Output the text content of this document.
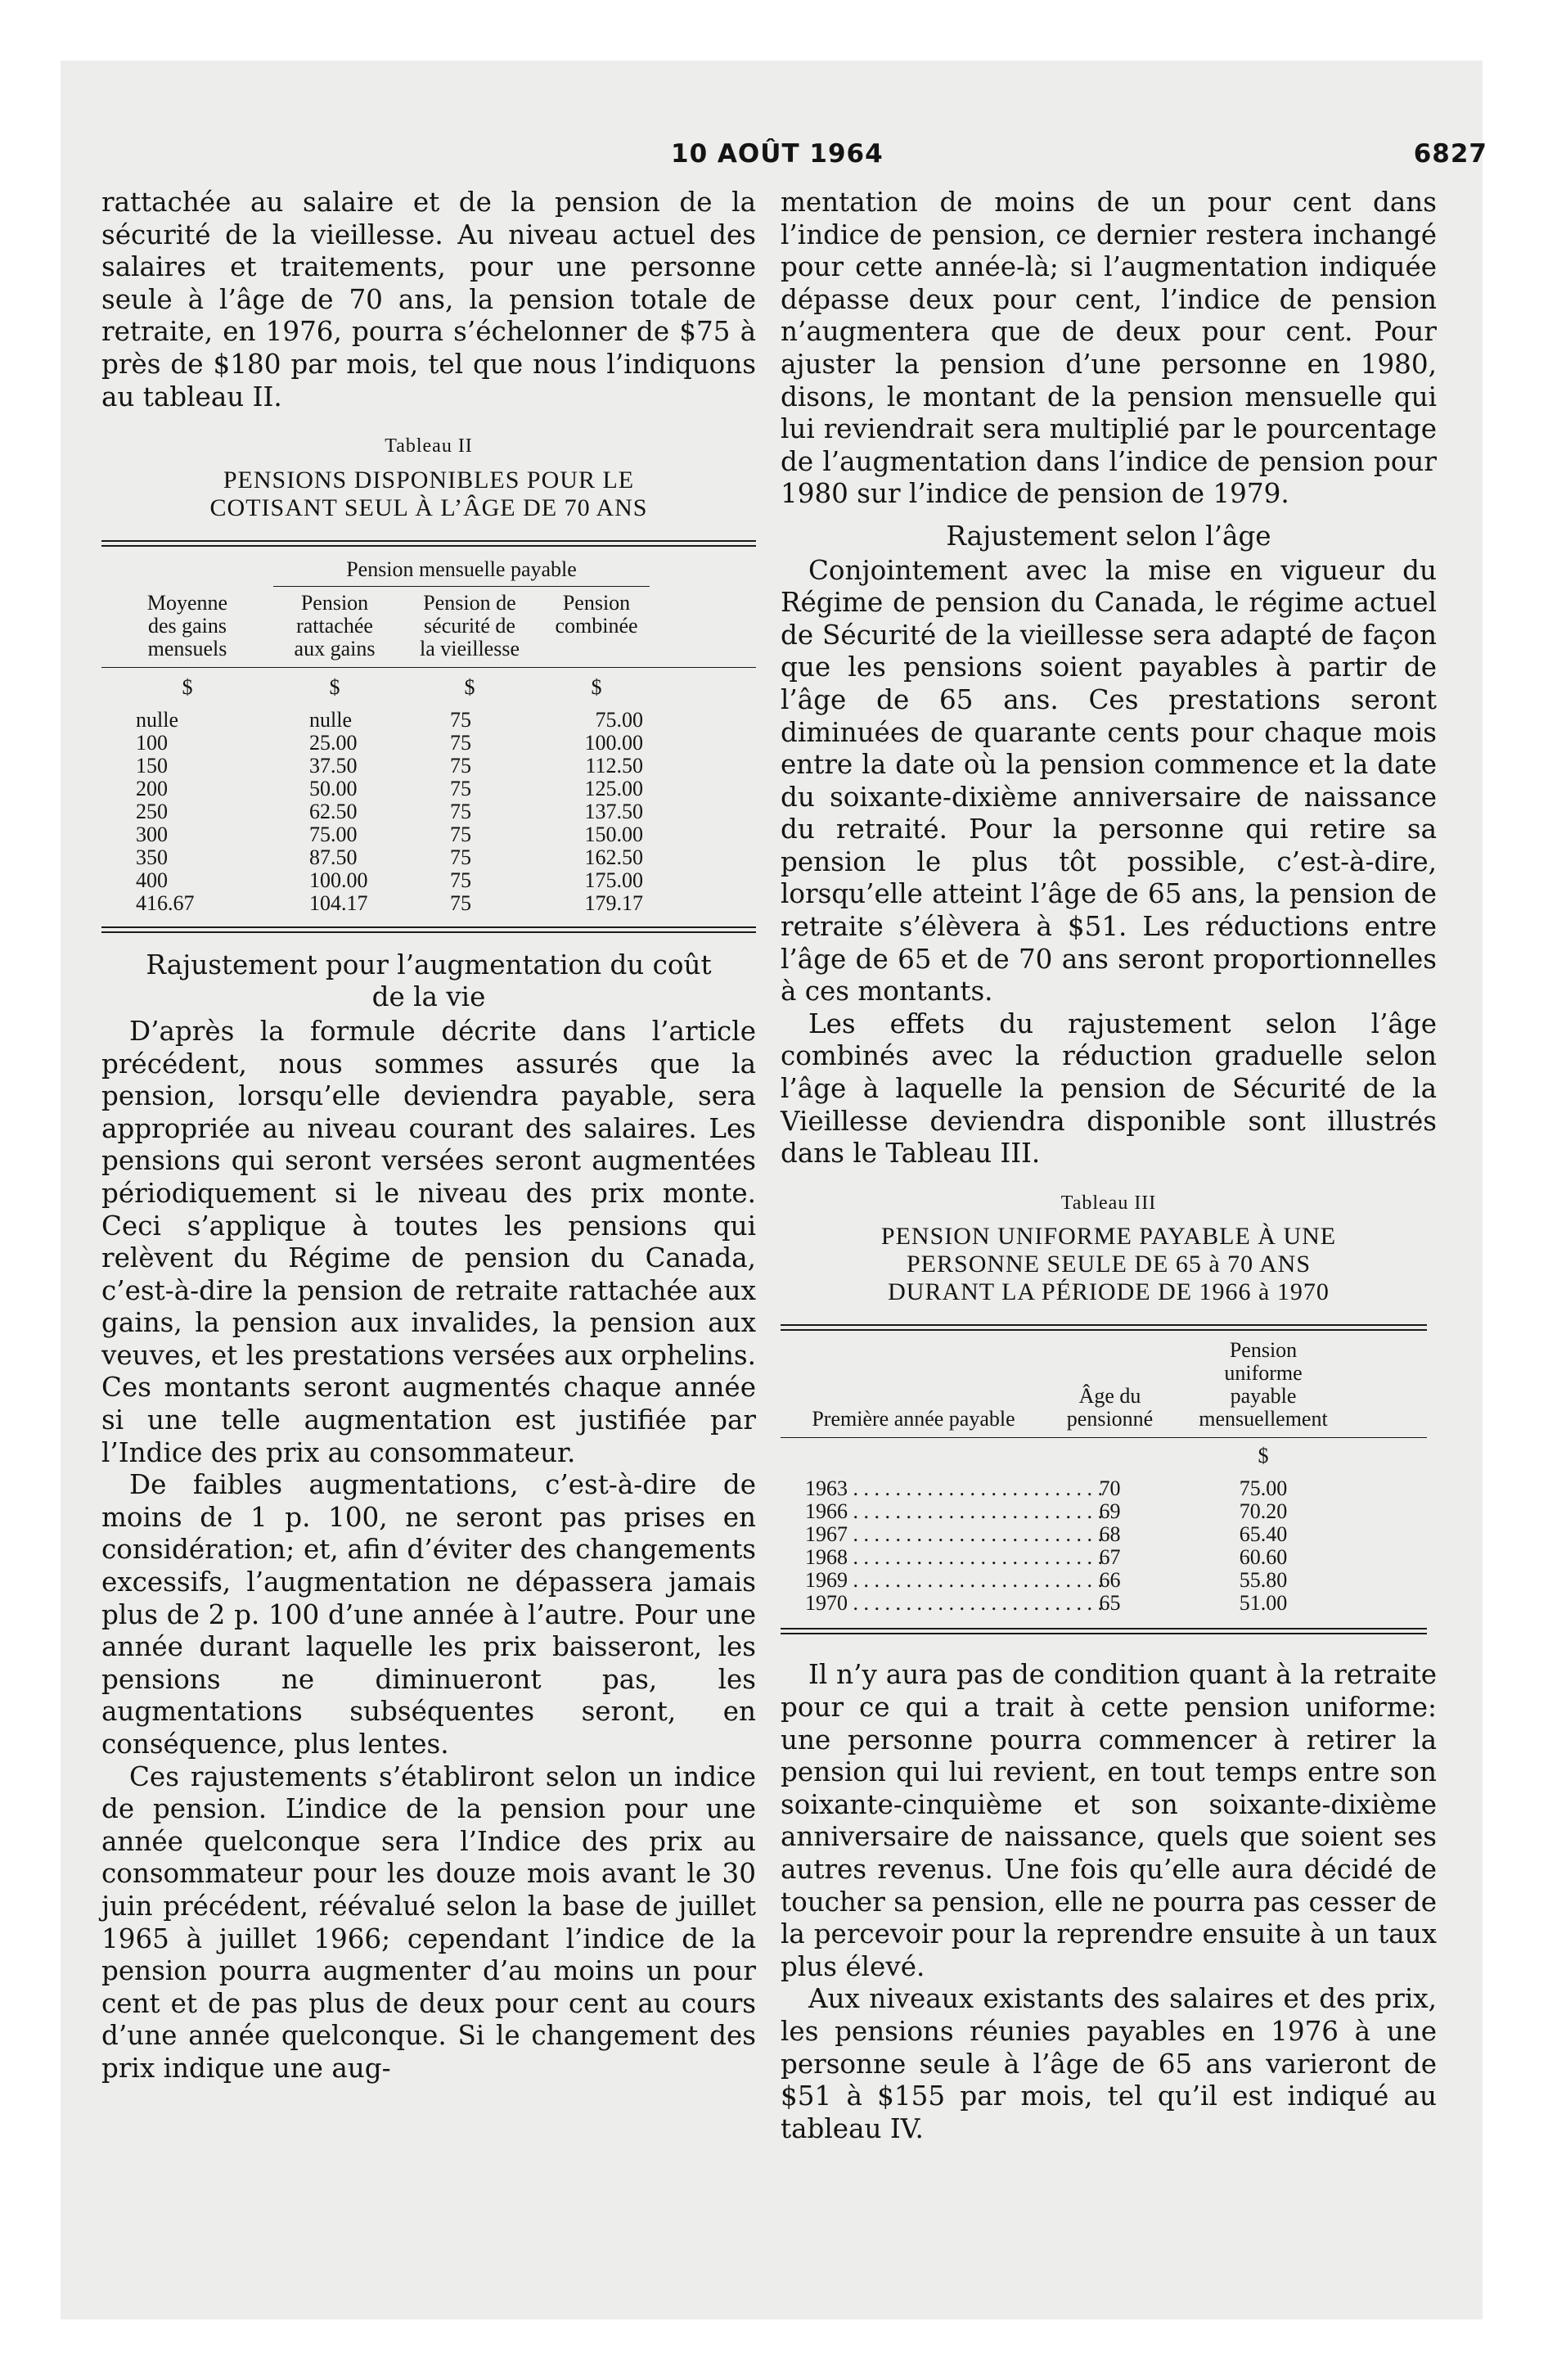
10 AOÛT 1964	6827

rattachée au salaire et de la pension de la sécurité de la vieillesse. Au niveau actuel des salaires et traitements, pour une personne seule à l’âge de 70 ans, la pension totale de retraite, en 1976, pourra s’échelonner de $75 à près de $180 par mois, tel que nous l’indiquons au tableau II.

Tableau II
PENSIONS DISPONIBLES POUR LE
COTISANT SEUL À L’ÂGE DE 70 ANS
Pension mensuelle payable
Moyenne
des gains
mensuels
Pension
rattachée
aux gains
Pension de
sécurité de
la vieillesse
Pension
combinée
$	$	$	$
nulle	nulle	75	75.00
100	25.00	75	100.00
150	37.50	75	112.50
200	50.00	75	125.00
250	62.50	75	137.50
300	75.00	75	150.00
350	87.50	75	162.50
400	100.00	75	175.00
416.67	104.17	75	179.17
Rajustement pour l’augmentation du coût
de la vie

D’après la formule décrite dans l’article précédent, nous sommes assurés que la pension, lorsqu’elle deviendra payable, sera appropriée au niveau courant des salaires. Les pensions qui seront versées seront augmentées périodiquement si le niveau des prix monte. Ceci s’applique à toutes les pensions qui relèvent du Régime de pension du Canada, c’est-à-dire la pension de retraite rattachée aux gains, la pension aux invalides, la pension aux veuves, et les prestations versées aux orphelins. Ces montants seront augmentés chaque année si une telle augmentation est justifiée par l’Indice des prix au consommateur.

De faibles augmentations, c’est-à-dire de moins de 1 p. 100, ne seront pas prises en considération; et, afin d’éviter des changements excessifs, l’augmentation ne dépassera jamais plus de 2 p. 100 d’une année à l’autre. Pour une année durant laquelle les prix baisseront, les pensions ne diminueront pas, les augmentations subséquentes seront, en conséquence, plus lentes.

Ces rajustements s’établiront selon un indice de pension. L’indice de la pension pour une année quelconque sera l’Indice des prix au consommateur pour les douze mois avant le 30 juin précédent, réévalué selon la base de juillet 1965 à juillet 1966; cependant l’indice de la pension pourra augmenter d’au moins un pour cent et de pas plus de deux pour cent au cours d’une année quelconque. Si le changement des prix indique une aug-

mentation de moins de un pour cent dans l’indice de pension, ce dernier restera inchangé pour cette année-là; si l’augmentation indiquée dépasse deux pour cent, l’indice de pension n’augmentera que de deux pour cent. Pour ajuster la pension d’une personne en 1980, disons, le montant de la pension mensuelle qui lui reviendrait sera multiplié par le pourcentage de l’augmentation dans l’indice de pension pour 1980 sur l’indice de pension de 1979.

Rajustement selon l’âge

Conjointement avec la mise en vigueur du Régime de pension du Canada, le régime actuel de Sécurité de la vieillesse sera adapté de façon que les pensions soient payables à partir de l’âge de 65 ans. Ces prestations seront diminuées de quarante cents pour chaque mois entre la date où la pension commence et la date du soixante-dixième anniversaire de naissance du retraité. Pour la personne qui retire sa pension le plus tôt possible, c’est-à-dire, lorsqu’elle atteint l’âge de 65 ans, la pension de retraite s’élèvera à $51. Les réductions entre l’âge de 65 et de 70 ans seront proportionnelles à ces montants.

Les effets du rajustement selon l’âge combinés avec la réduction graduelle selon l’âge à laquelle la pension de Sécurité de la Vieillesse deviendra disponible sont illustrés dans le Tableau III.

Tableau III
PENSION UNIFORME PAYABLE À UNE
PERSONNE SEULE DE 65 à 70 ANS
DURANT LA PÉRIODE DE 1966 à 1970
Première année payable
Âge du
pensionné
Pension
uniforme
payable
mensuellement
$
1963 . . . . . . . . . . . . . . . . . . . . . . . .
70	75.00
1966 . . . . . . . . . . . . . . . . . . . . . . . .
69	70.20
1967 . . . . . . . . . . . . . . . . . . . . . . . .
68	65.40
1968 . . . . . . . . . . . . . . . . . . . . . . . .
67	60.60
1969 . . . . . . . . . . . . . . . . . . . . . . . .
66	55.80
1970 . . . . . . . . . . . . . . . . . . . . . . . .
65	51.00

Il n’y aura pas de condition quant à la retraite pour ce qui a trait à cette pension uniforme: une personne pourra commencer à retirer la pension qui lui revient, en tout temps entre son soixante-cinquième et son soixante-dixième anniversaire de naissance, quels que soient ses autres revenus. Une fois qu’elle aura décidé de toucher sa pension, elle ne pourra pas cesser de la percevoir pour la reprendre ensuite à un taux plus élevé.

Aux niveaux existants des salaires et des prix, les pensions réunies payables en 1976 à une personne seule à l’âge de 65 ans varieront de $51 à $155 par mois, tel qu’il est indiqué au tableau IV.
